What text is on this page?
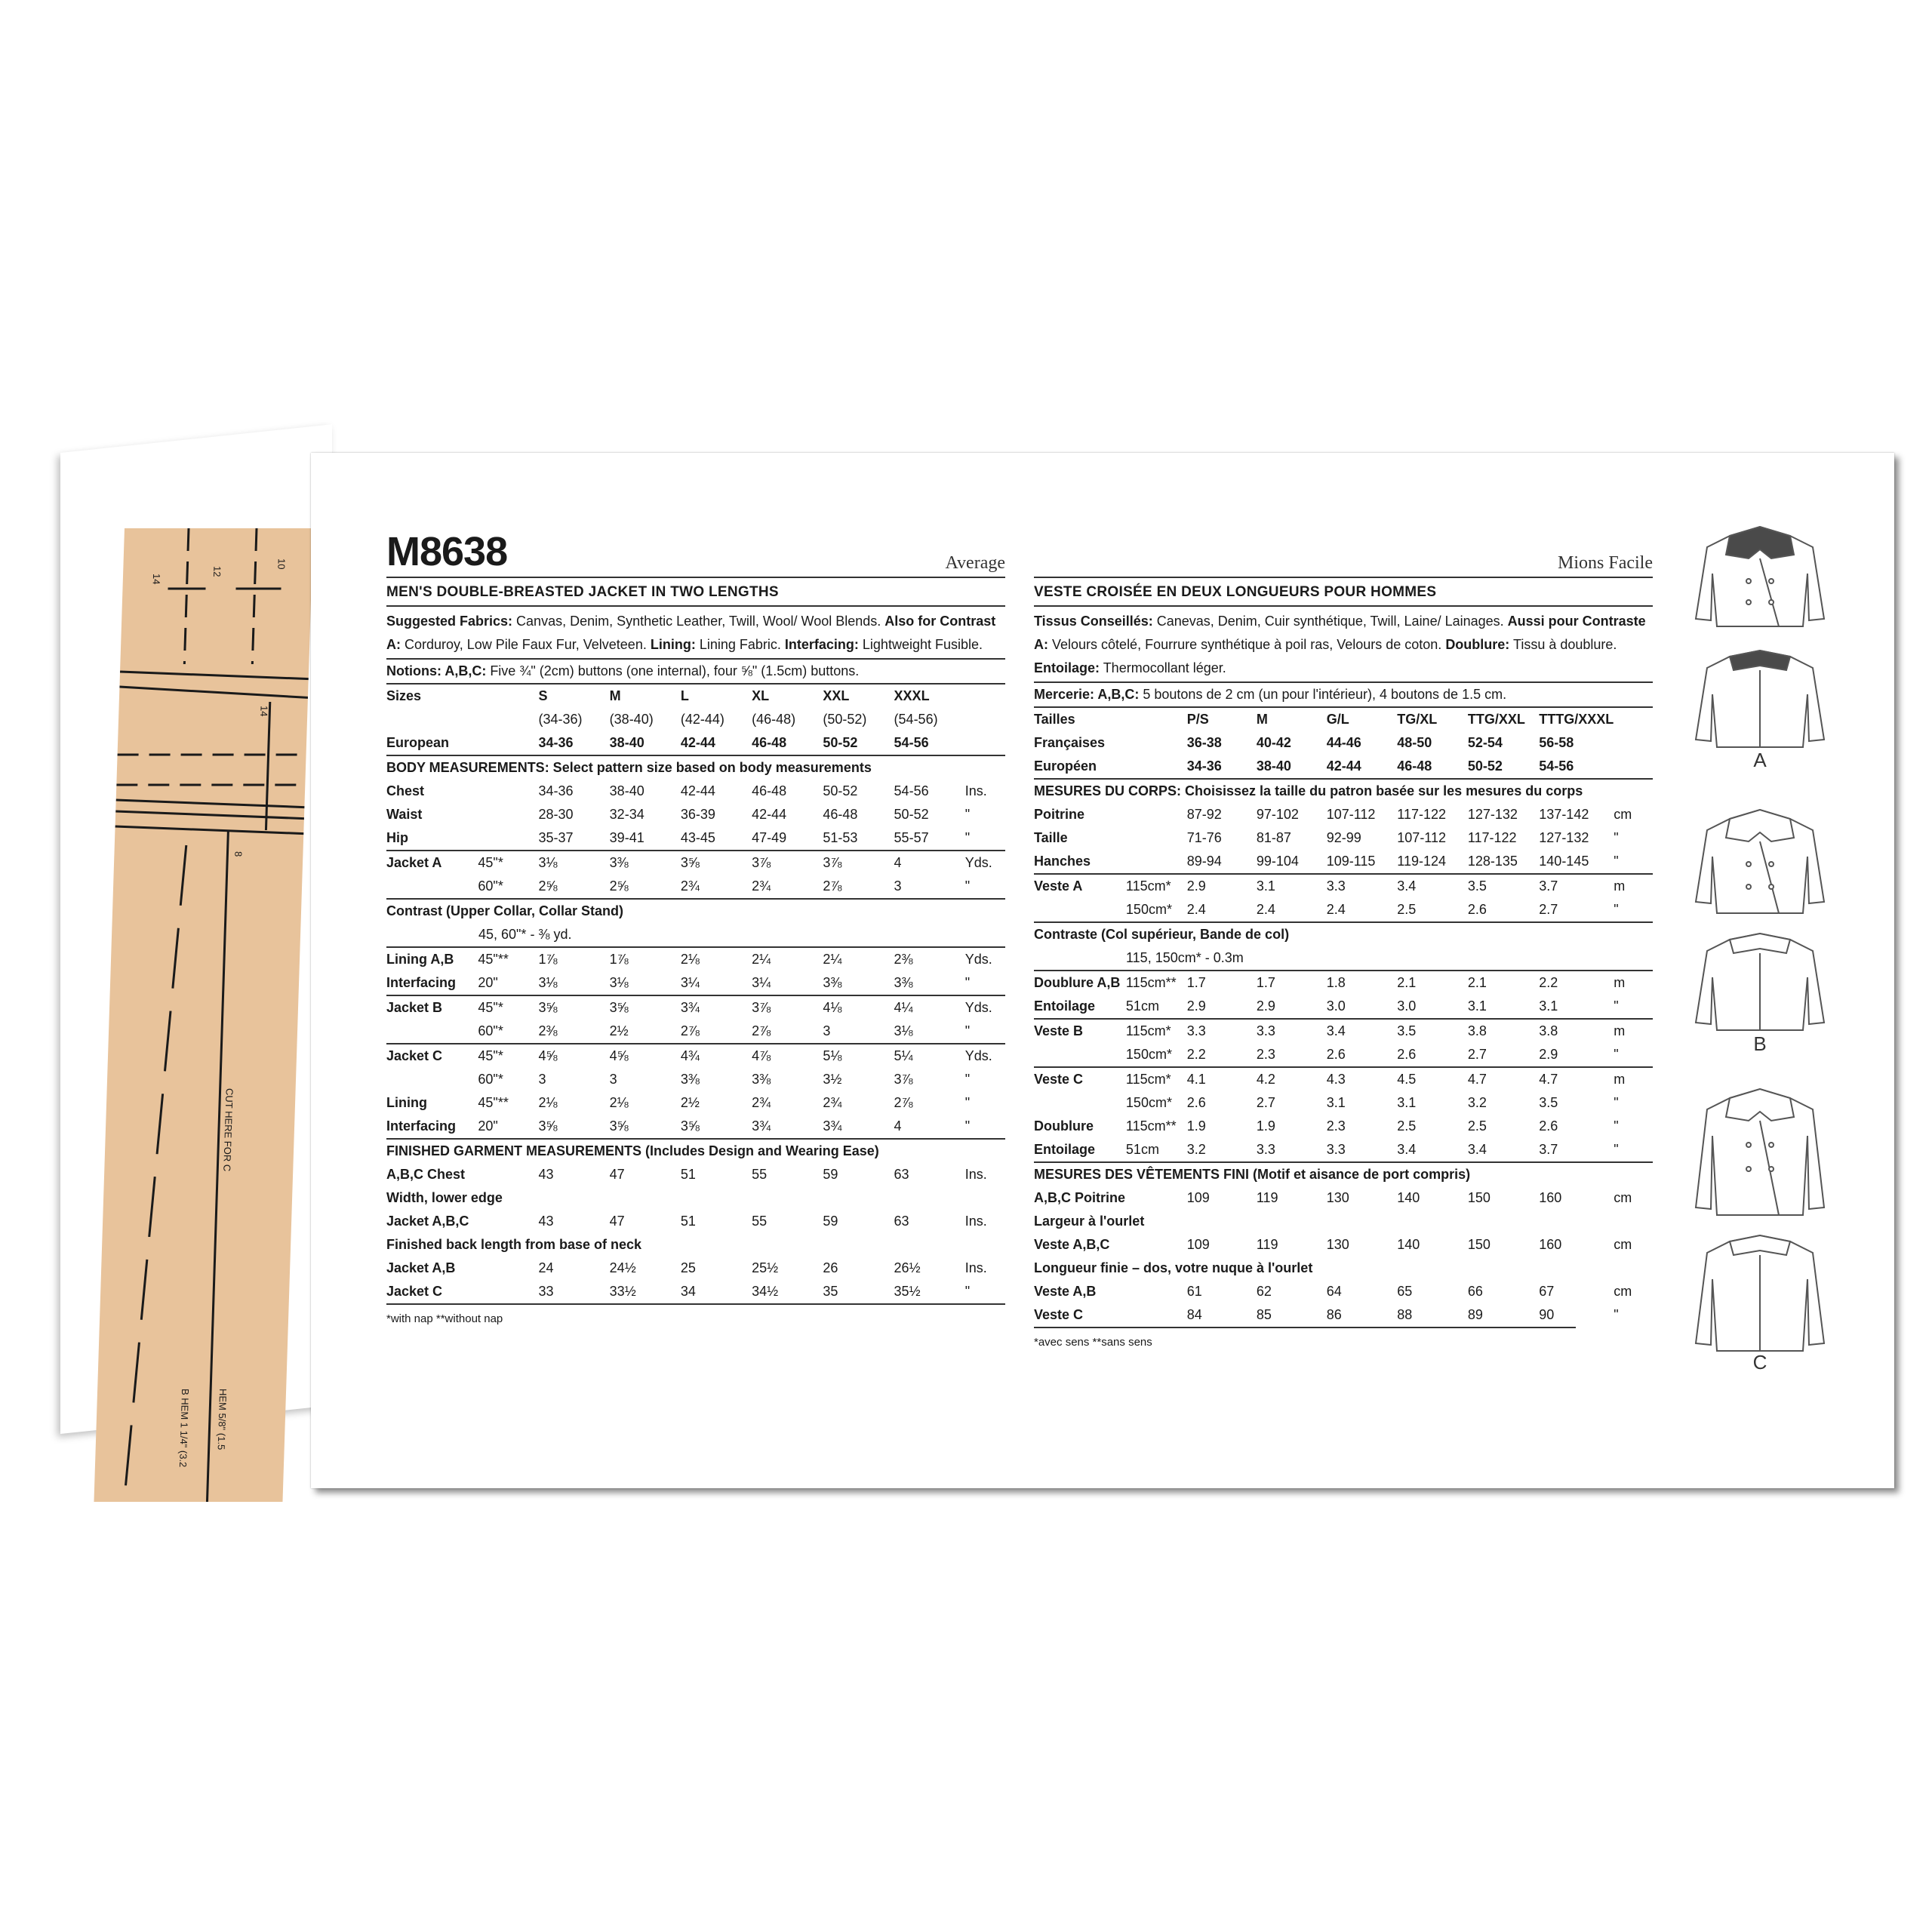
14
12
10
14
8
CUT HERE FOR C
HEM 5/8" (1.5
B HEM 1 1/4" (3.2
M8638	Average
MEN'S DOUBLE-BREASTED JACKET IN TWO LENGTHS
Suggested Fabrics: Canvas, Denim, Synthetic Leather, Twill, Wool/ Wool Blends. Also for Contrast A: Corduroy, Low Pile Faux Fur, Velveteen. Lining: Lining Fabric. Interfacing: Lightweight Fusible.
Notions: A,B,C: Five ¾" (2cm) buttons (one internal), four ⅝" (1.5cm) buttons.
Sizes		S	M	L	XL	XXL	XXXL	
		(34-36)	(38-40)	(42-44)	(46-48)	(50-52)	(54-56)	
European		34-36	38-40	42-44	46-48	50-52	54-56	
BODY MEASUREMENTS: Select pattern size based on body measurements								
Chest		34-36	38-40	42-44	46-48	50-52	54-56	Ins.
Waist		28-30	32-34	36-39	42-44	46-48	50-52	"
Hip		35-37	39-41	43-45	47-49	51-53	55-57	"
Jacket A	45"*	3⅛	3⅜	3⅝	3⅞	3⅞	4	Yds.
	60"*	2⅝	2⅝	2¾	2¾	2⅞	3	"
Contrast (Upper Collar, Collar Stand)								
45, 60"* - ⅜ yd.								
Lining A,B	45"**	1⅞	1⅞	2⅛	2¼	2¼	2⅜	Yds.
Interfacing	20"	3⅛	3⅛	3¼	3¼	3⅜	3⅜	"
Jacket B	45"*	3⅝	3⅝	3¾	3⅞	4⅛	4¼	Yds.
	60"*	2⅜	2½	2⅞	2⅞	3	3⅛	"
Jacket C	45"*	4⅝	4⅝	4¾	4⅞	5⅛	5¼	Yds.
	60"*	3	3	3⅜	3⅜	3½	3⅞	"
Lining	45"**	2⅛	2⅛	2½	2¾	2¾	2⅞	"
Interfacing	20"	3⅝	3⅝	3⅝	3¾	3¾	4	"
FINISHED GARMENT MEASUREMENTS (Includes Design and Wearing Ease)								
A,B,C Chest		43	47	51	55	59	63	Ins.
Width, lower edge								
Jacket A,B,C		43	47	51	55	59	63	Ins.
Finished back length from base of neck								
Jacket A,B		24	24½	25	25½	26	26½	Ins.
Jacket C		33	33½	34	34½	35	35½	"
*with nap **without nap
Mions Facile
VESTE CROISÉE EN DEUX LONGUEURS POUR HOMMES
Tissus Conseillés: Canevas, Denim, Cuir synthétique, Twill, Laine/ Lainages. Aussi pour Contraste A: Velours côtelé, Fourrure synthétique à poil ras, Velours de coton. Doublure: Tissu à doublure. Entoilage: Thermocollant léger.
Mercerie: A,B,C: 5 boutons de 2 cm (un pour l'intérieur), 4 boutons de 1.5 cm.
Tailles		P/S	M	G/L	TG/XL	TTG/XXL	TTTG/XXXL	
Françaises		36-38	40-42	44-46	48-50	52-54	56-58	
Européen		34-36	38-40	42-44	46-48	50-52	54-56	
MESURES DU CORPS: Choisissez la taille du patron basée sur les mesures du corps								
Poitrine		87-92	97-102	107-112	117-122	127-132	137-142	cm
Taille		71-76	81-87	92-99	107-112	117-122	127-132	"
Hanches		89-94	99-104	109-115	119-124	128-135	140-145	"
Veste A	115cm*	2.9	3.1	3.3	3.4	3.5	3.7	m
	150cm*	2.4	2.4	2.4	2.5	2.6	2.7	"
Contraste (Col supérieur, Bande de col)								
115, 150cm* - 0.3m								
Doublure A,B	115cm**	1.7	1.7	1.8	2.1	2.1	2.2	m
Entoilage	51cm	2.9	2.9	3.0	3.0	3.1	3.1	"
Veste B	115cm*	3.3	3.3	3.4	3.5	3.8	3.8	m
	150cm*	2.2	2.3	2.6	2.6	2.7	2.9	"
Veste C	115cm*	4.1	4.2	4.3	4.5	4.7	4.7	m
	150cm*	2.6	2.7	3.1	3.1	3.2	3.5	"
Doublure	115cm**	1.9	1.9	2.3	2.5	2.5	2.6	"
Entoilage	51cm	3.2	3.3	3.3	3.4	3.4	3.7	"
MESURES DES VÊTEMENTS FINI (Motif et aisance de port compris)								
A,B,C Poitrine		109	119	130	140	150	160	cm
Largeur à l'ourlet								
Veste A,B,C		109	119	130	140	150	160	cm
Longueur finie – dos, votre nuque à l'ourlet								
Veste A,B		61	62	64	65	66	67	cm
Veste C		84	85	86	88	89	90	"
*avec sens **sans sens
A
B
C
